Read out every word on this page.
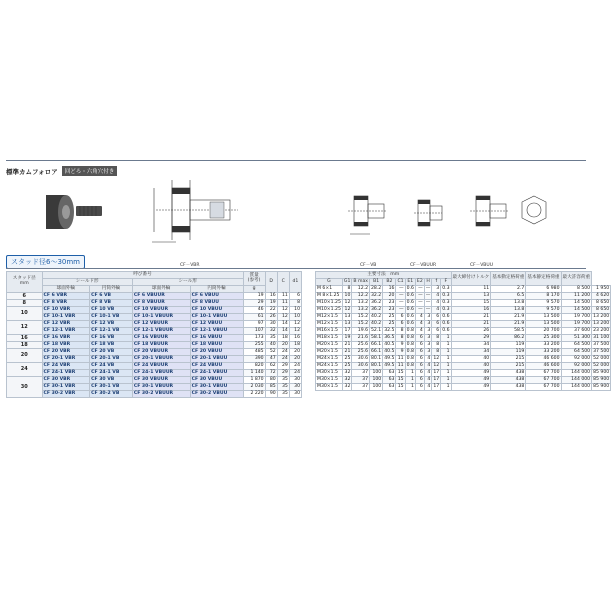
標準カムフォロア	回どろ・六角穴付き
CF－VBR	CF－VB	CF－VBUUR	CF－VBUU
スタッド径6〜30mm
スタッド径
mm	呼び番号				質量
(参考)	D	C	d1
	シールド形		シール形					
	球面外輪	円筒外輪	球面外輪	円筒外輪	g			
6	CF 6 VBR	CF 6 VB	CF 6 VBUUR	CF 6 VBUU	19	16	11	6
8	CF 8 VBR	CF 8 VB	CF 8 VBUUR	CF 8 VBUU	29	19	11	8
10	CF 10 VBR	CF 10 VB	CF 10 VBUUR	CF 10 VBUU	46	22	12	10
	CF 10-1 VBR	CF 10-1 VB	CF 10-1 VBUUR	CF 10-1 VBUU	61	26	12	10
12	CF 12 VBR	CF 12 VB	CF 12 VBUUR	CF 12 VBUU	97	30	14	12
	CF 12-1 VBR	CF 12-1 VB	CF 12-1 VBUUR	CF 12-1 VBUU	107	32	14	12
16	CF 16 VBR	CF 16 VB	CF 16 VBUUR	CF 16 VBUU	173	35	18	16
18	CF 18 VBR	CF 18 VB	CF 18 VBUUR	CF 18 VBUU	255	40	20	18
20	CF 20 VBR	CF 20 VB	CF 20 VBUUR	CF 20 VBUU	485	52	24	20
	CF 20-1 VBR	CF 20-1 VB	CF 20-1 VBUUR	CF 20-1 VBUU	390	47	24	20
24	CF 24 VBR	CF 24 VB	CF 24 VBUUR	CF 24 VBUU	820	62	29	24
	CF 24-1 VBR	CF 24-1 VB	CF 24-1 VBUUR	CF 24-1 VBUU	1 140	72	29	24
30	CF 30 VBR	CF 30 VB	CF 30 VBUUR	CF 30 VBUU	1 870	80	35	30
	CF 30-1 VBR	CF 30-1 VB	CF 30-1 VBUUR	CF 30-1 VBUU	2 030	85	35	30
	CF 30-2 VBR	CF 30-2 VB	CF 30-2 VBUUR	CF 30-2 VBUU	2 220	90	35	30
主要寸法　mm											最大締付けトルク	基本動定格荷重	基本静定格荷重	最大許容荷重	
G	G1	B max	B1	B2	C1	E1	E2	H	f	F					
M 6×1	8	12.2	28.2	16	—	0.6	—	—	3	0.3	11	2.7	6 980	8 500	1 950
M 8×1.25	10	12.2	32.2	20	—	0.6	—	—	4	0.3	13	6.5	8 170	11 200	4 620
M10×1.25	12	13.2	36.2	23	—	0.6	—	—	4	0.3	15	13.8	9 570	14 500	8 650
M10×1.25	12	13.2	36.2	23	—	0.6	—	—	4	0.3	16	13.8	9 570	14 500	8 650
M12×1.5	13	15.2	40.2	25	6	0.6	4	3	6	0.6	21	21.9	13 500	19 700	13 200
M12×1.5	13	15.2	40.2	25	6	0.6	4	3	6	0.6	21	21.9	13 500	19 700	13 200
M16×1.5	17	19.6	52.1	32.5	8	0.8	4	3	6	0.6	26	58.5	20 700	37 600	23 200
M18×1.5	19	21.6	58.1	36.5	8	0.8	6	3	8	1	29	86.2	25 300	51 300	31 100
M20×1.5	21	25.6	66.1	40.5	9	0.8	6	3	8	1	34	119	33 200	64 500	37 500
M20×1.5	21	25.6	66.1	40.5	9	0.8	6	3	8	1	34	119	33 200	64 500	37 500
M24×1.5	25	30.6	80.1	49.5	11	0.8	6	4	12	1	40	215	46 600	92 000	52 000
M24×1.5	25	30.6	80.1	49.5	11	0.8	6	4	12	1	40	215	46 600	92 000	52 000
M30×1.5	32	37	100	63	15	1	6	4	17	1	49	438	67 700	144 000	85 900
M30×1.5	32	37	100	63	15	1	6	4	17	1	49	438	67 700	144 000	85 900
M30×1.5	32	37	100	63	15	1	6	4	17	1	49	438	67 700	144 000	85 900
